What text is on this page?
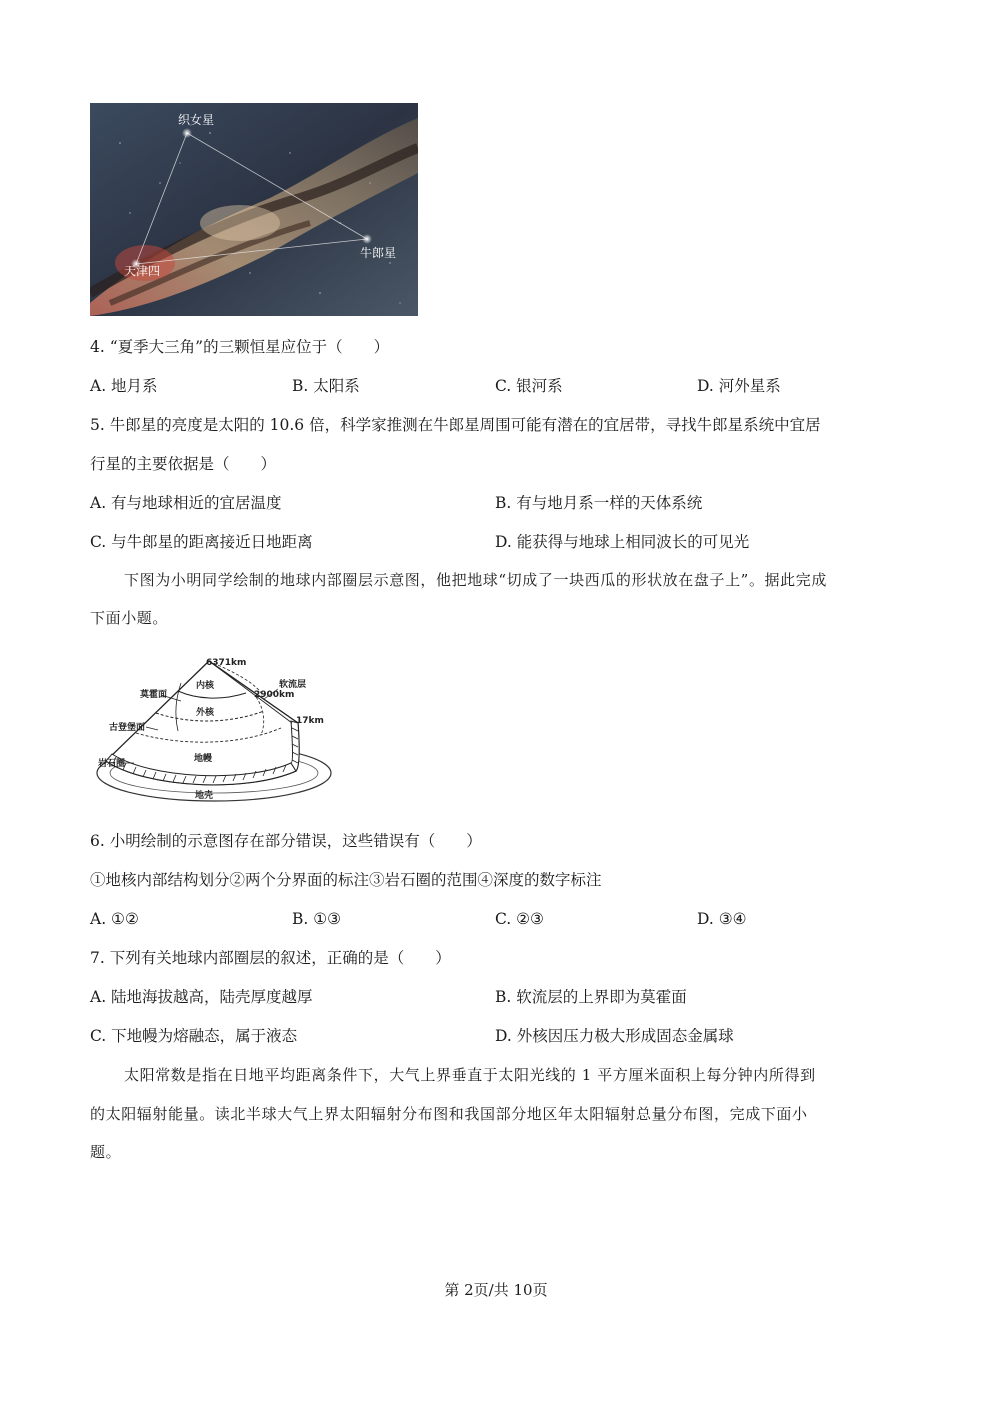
织女星
牛郎星
天津四
4. “夏季大三角”的三颗恒星应位于（　　）
A. 地月系	B. 太阳系	C. 银河系	D. 河外星系
5. 牛郎星的亮度是太阳的 10.6 倍，科学家推测在牛郎星周围可能有潜在的宜居带，寻找牛郎星系统中宜居
行星的主要依据是（　　）
A. 有与地球相近的宜居温度	B. 有与地月系一样的天体系统
C. 与牛郎星的距离接近日地距离	D. 能获得与地球上相同波长的可见光
下图为小明同学绘制的地球内部圈层示意图，他把地球“切成了一块西瓜的形状放在盘子上”。据此完成
下面小题。
6371km
内核
莫霍面
外核
2900km
软流层
17km
古登堡面
地幔
岩石圈
地壳
6. 小明绘制的示意图存在部分错误，这些错误有（　　）
①地核内部结构划分②两个分界面的标注③岩石圈的范围④深度的数字标注
A. ①②	B. ①③	C. ②③	D. ③④
7. 下列有关地球内部圈层的叙述，正确的是（　　）
A. 陆地海拔越高，陆壳厚度越厚	B. 软流层的上界即为莫霍面
C. 下地幔为熔融态，属于液态	D. 外核因压力极大形成固态金属球
太阳常数是指在日地平均距离条件下，大气上界垂直于太阳光线的 1 平方厘米面积上每分钟内所得到
的太阳辐射能量。读北半球大气上界太阳辐射分布图和我国部分地区年太阳辐射总量分布图，完成下面小
题。
第 2页/共 10页
